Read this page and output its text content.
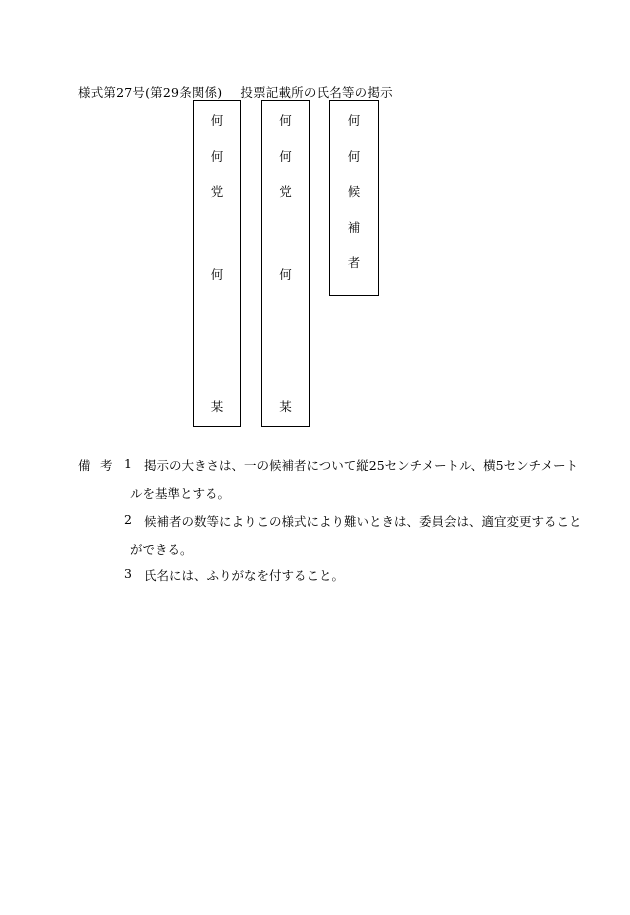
様式第27号(第29条関係) 投票記載所の氏名等の掲示
何
何
党
何
某
何
何
党
何
某
何
何
候
補
者
備 考 1 掲示の大きさは、一の候補者について縦25センチメートル、横5センチメート
ルを基準とする。
2 候補者の数等によりこの様式により難いときは、委員会は、適宜変更すること
ができる。
3 氏名には、ふりがなを付すること。
